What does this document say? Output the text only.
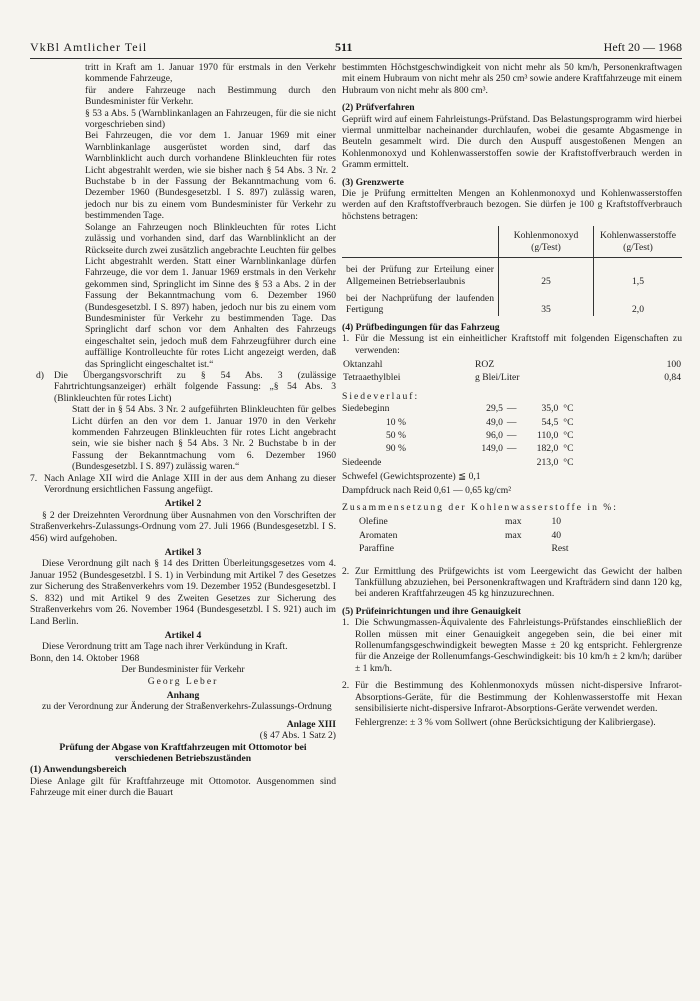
VkBl Amtlicher Teil	511	Heft 20 — 1968

tritt in Kraft am 1. Januar 1970 für erstmals in den Verkehr kommende Fahrzeuge,

für andere Fahrzeuge nach Bestimmung durch den Bundesminister für Verkehr.

§ 53 a Abs. 5 (Warnblinkanlagen an Fahrzeugen, für die sie nicht vorgeschrieben sind)

Bei Fahrzeugen, die vor dem 1. Januar 1969 mit einer Warnblinkanlage ausgerüstet worden sind, darf das Warnblinklicht auch durch vorhandene Blinkleuchten für rotes Licht abgestrahlt werden, wie sie bisher nach § 54 Abs. 3 Nr. 2 Buchstabe b in der Fassung der Bekanntmachung vom 6. Dezember 1960 (Bundesgesetzbl. I S. 897) zulässig waren, jedoch nur bis zu einem vom Bundesminister für Verkehr zu bestimmenden Tage.

Solange an Fahrzeugen noch Blinkleuchten für rotes Licht zulässig und vorhanden sind, darf das Warnblinklicht an der Rückseite durch zwei zusätzlich angebrachte Leuchten für gelbes Licht abgestrahlt werden. Statt einer Warnblinkanlage dürfen Fahrzeuge, die vor dem 1. Januar 1969 erstmals in den Verkehr gekommen sind, Springlicht im Sinne des § 53 a Abs. 2 in der Fassung der Bekanntmachung vom 6. Dezember 1960 (Bundesgesetzbl. I S. 897) haben, jedoch nur bis zu einem vom Bundesminister für Verkehr zu bestimmenden Tage. Das Springlicht darf schon vor dem Anhalten des Fahrzeugs eingeschaltet sein, jedoch muß dem Fahrzeugführer durch eine auffällige Kontrolleuchte für rotes Licht angezeigt werden, daß das Springlicht eingeschaltet ist.“

d)	Die Übergangsvorschrift zu § 54 Abs. 3 (zulässige Fahrtrichtungsanzeiger) erhält folgende Fassung: „§ 54 Abs. 3 (Blinkleuchten für rotes Licht)

Statt der in § 54 Abs. 3 Nr. 2 aufgeführten Blinkleuchten für gelbes Licht dürfen an den vor dem 1. Januar 1970 in den Verkehr kommenden Fahrzeugen Blinkleuchten für rotes Licht angebracht sein, wie sie bisher nach § 54 Abs. 3 Nr. 2 Buchstabe b in der Fassung der Bekanntmachung vom 6. Dezember 1960 (Bundesgesetzbl. I S. 897) zulässig waren.“

7. Nach Anlage XII wird die Anlage XIII in der aus dem Anhang zu dieser Verordnung ersichtlichen Fassung angefügt.

Artikel 2

§ 2 der Dreizehnten Verordnung über Ausnahmen von den Vorschriften der Straßenverkehrs-Zulassungs-Ordnung vom 27. Juli 1966 (Bundesgesetzbl. I S. 456) wird aufgehoben.

Artikel 3

Diese Verordnung gilt nach § 14 des Dritten Überleitungsgesetzes vom 4. Januar 1952 (Bundesgesetzbl. I S. 1) in Verbindung mit Artikel 7 des Gesetzes zur Sicherung des Straßenverkehrs vom 19. Dezember 1952 (Bundesgesetzbl. I S. 832) und mit Artikel 9 des Zweiten Gesetzes zur Sicherung des Straßenverkehrs vom 26. November 1964 (Bundesgesetzbl. I S. 921) auch im Land Berlin.

Artikel 4

Diese Verordnung tritt am Tage nach ihrer Verkündung in Kraft.

Bonn, den 14. Oktober 1968

Der Bundesminister für Verkehr

Georg Leber

Anhang

zu der Verordnung zur Änderung der Straßenverkehrs-Zulassungs-Ordnung

Anlage XIII

(§ 47 Abs. 1 Satz 2)

Prüfung der Abgase von Kraftfahrzeugen mit Ottomotor bei verschiedenen Betriebszuständen

(1) Anwendungsbereich

Diese Anlage gilt für Kraftfahrzeuge mit Ottomotor. Ausgenommen sind Fahrzeuge mit einer durch die Bauart

bestimmten Höchstgeschwindigkeit von nicht mehr als 50 km/h, Personenkraftwagen mit einem Hubraum von nicht mehr als 250 cm³ sowie andere Kraftfahrzeuge mit einem Hubraum von nicht mehr als 800 cm³.

(2) Prüfverfahren

Geprüft wird auf einem Fahrleistungs-Prüfstand. Das Belastungsprogramm wird hierbei viermal unmittelbar nacheinander durchlaufen, wobei die gesamte Abgasmenge in Beuteln gesammelt wird. Die durch den Auspuff ausgestoßenen Mengen an Kohlenmonoxyd und Kohlenwasserstoffen sowie der Kraftstoffverbrauch werden in Gramm ermittelt.

(3) Grenzwerte

Die je Prüfung ermittelten Mengen an Kohlenmonoxyd und Kohlenwasserstoffen werden auf den Kraftstoffverbrauch bezogen. Sie dürfen je 100 g Kraftstoffverbrauch höchstens betragen:

	Kohlenmonoxyd (g/Test)	Kohlenwasserstoffe (g/Test)
bei der Prüfung zur Erteilung einer Allgemeinen Betriebserlaubnis	25	1,5
bei der Nachprüfung der laufenden Fertigung	35	2,0

(4) Prüfbedingungen für das Fahrzeug

1. Für die Messung ist ein einheitlicher Kraftstoff mit folgenden Eigenschaften zu verwenden:
Oktanzahl	ROZ	100
Tetraaethylblei	g Blei/Liter	0,84

Siedeverlauf:

Siedebeginn	29,5	—	35,0	°C
10 %	49,0	—	54,5	°C
50 %	96,0	—	110,0	°C
90 %	149,0	—	182,0	°C
Siedeende			213,0	°C

Schwefel (Gewichtsprozente) ≦ 0,1

Dampfdruck nach Reid 0,61 — 0,65 kg/cm²

Zusammensetzung der Kohlenwasserstoffe in %:

Olefine	max	10
Aromaten	max	40
Paraffine		Rest
2. Zur Ermittlung des Prüfgewichts ist vom Leergewicht das Gewicht der halben Tankfüllung abzuziehen, bei Personenkraftwagen und Krafträdern sind dann 120 kg, bei anderen Kraftfahrzeugen 45 kg hinzuzurechnen.

(5) Prüfeinrichtungen und ihre Genauigkeit

1. Die Schwungmassen-Äquivalente des Fahrleistungs-Prüfstandes einschließlich der Rollen müssen mit einer Genauigkeit angegeben sein, die bei einer mit Rollenumfangsgeschwindigkeit bewegten Masse ± 20 kg entspricht. Fehlergrenze für die Anzeige der Rollenumfangs-Geschwindigkeit: bis 10 km/h ± 2 km/h; darüber ± 1 km/h.
2. Für die Bestimmung des Kohlenmonoxyds müssen nicht-dispersive Infrarot-Absorptions-Geräte, für die Bestimmung der Kohlenwasserstoffe mit Hexan sensibilisierte nicht-dispersive Infrarot-Absorptions-Geräte verwendet werden.

Fehlergrenze: ± 3 % vom Sollwert (ohne Berücksichtigung der Kalibriergase).
